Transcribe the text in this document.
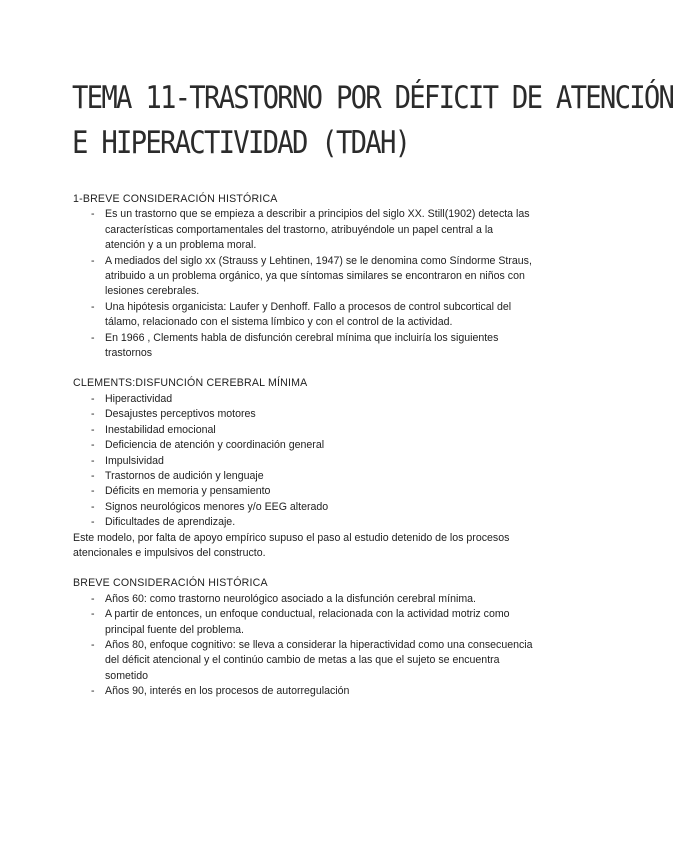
TEMA 11-TRASTORNO POR DÉFICIT DE ATENCIÓN
E HIPERACTIVIDAD (TDAH)

1-BREVE CONSIDERACIÓN HISTÓRICA

- Es un trastorno que se empieza a describir a principios del siglo XX. Still(1902) detecta las características comportamentales del trastorno, atribuyéndole un papel central a la atención y a un problema moral.
- A mediados del siglo xx (Strauss y Lehtinen, 1947) se le denomina como Síndorme Straus, atribuido a un problema orgánico, ya que síntomas similares se encontraron en niños con lesiones cerebrales.
- Una hipótesis organicista: Laufer y Denhoff. Fallo a procesos de control subcortical del tálamo, relacionado con el sistema límbico y con el control de la actividad.
- En 1966 , Clements habla de disfunción cerebral mínima que incluiría los siguientes trastornos

CLEMENTS:DISFUNCIÓN CEREBRAL MÍNIMA

- Hiperactividad
- Desajustes perceptivos motores
- Inestabilidad emocional
- Deficiencia de atención y coordinación general
- Impulsividad
- Trastornos de audición y lenguaje
- Déficits en memoria y pensamiento
- Signos neurológicos menores y/o EEG alterado
- Dificultades de aprendizaje.

Este modelo, por falta de apoyo empírico supuso el paso al estudio detenido de los procesos atencionales e impulsivos del constructo.

BREVE CONSIDERACIÓN HISTÓRICA

- Años 60: como trastorno neurológico asociado a la disfunción cerebral mínima.
- A partir de entonces, un enfoque conductual, relacionada con la actividad motriz como principal fuente del problema.
- Años 80, enfoque cognitivo: se lleva a considerar la hiperactividad como una consecuencia del déficit atencional y el continúo cambio de metas a las que el sujeto se encuentra sometido
- Años 90, interés en los procesos de autorregulación
